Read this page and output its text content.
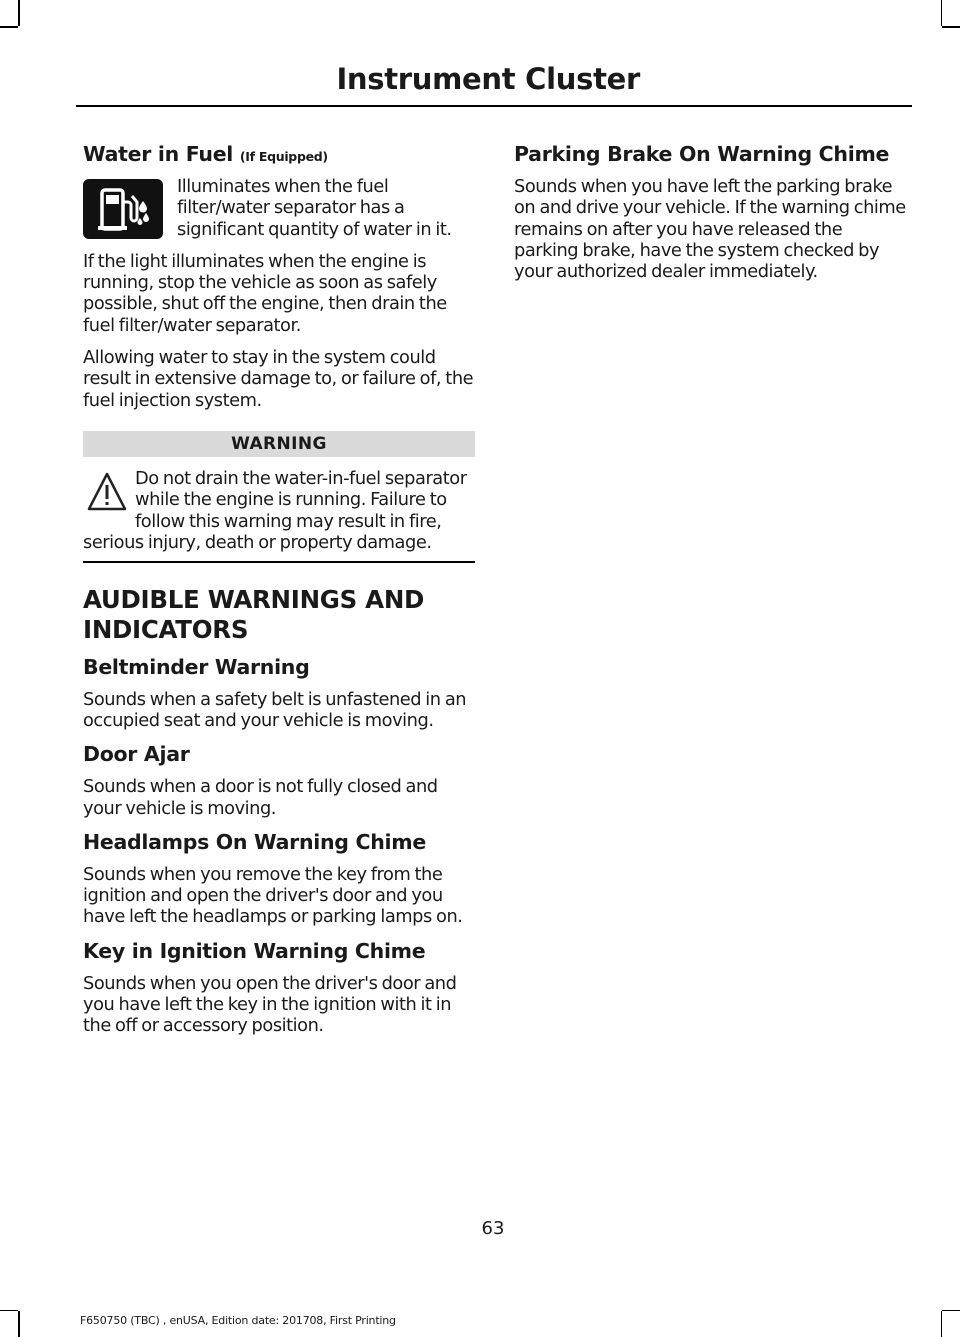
Instrument Cluster
Water in Fuel (If Equipped)

Illuminates when the fuel filter/water separator has a significant quantity of water in it.

If the light illuminates when the engine is running, stop the vehicle as soon as safely possible, shut off the engine, then drain the fuel filter/water separator.

Allowing water to stay in the system could result in extensive damage to, or failure of, the fuel injection system.

WARNING

Do not drain the water-in-fuel separator while the engine is running. Failure to follow this warning may result in fire, serious injury, death or property damage.

AUDIBLE WARNINGS AND INDICATORS
Beltminder Warning

Sounds when a safety belt is unfastened in an occupied seat and your vehicle is moving.

Door Ajar

Sounds when a door is not fully closed and your vehicle is moving.

Headlamps On Warning Chime

Sounds when you remove the key from the ignition and open the driver's door and you have left the headlamps or parking lamps on.

Key in Ignition Warning Chime

Sounds when you open the driver's door and you have left the key in the ignition with it in the off or accessory position.

Parking Brake On Warning Chime

Sounds when you have left the parking brake on and drive your vehicle. If the warning chime remains on after you have released the parking brake, have the system checked by your authorized dealer immediately.

63
F650750 (TBC) , enUSA, Edition date: 201708, First Printing
